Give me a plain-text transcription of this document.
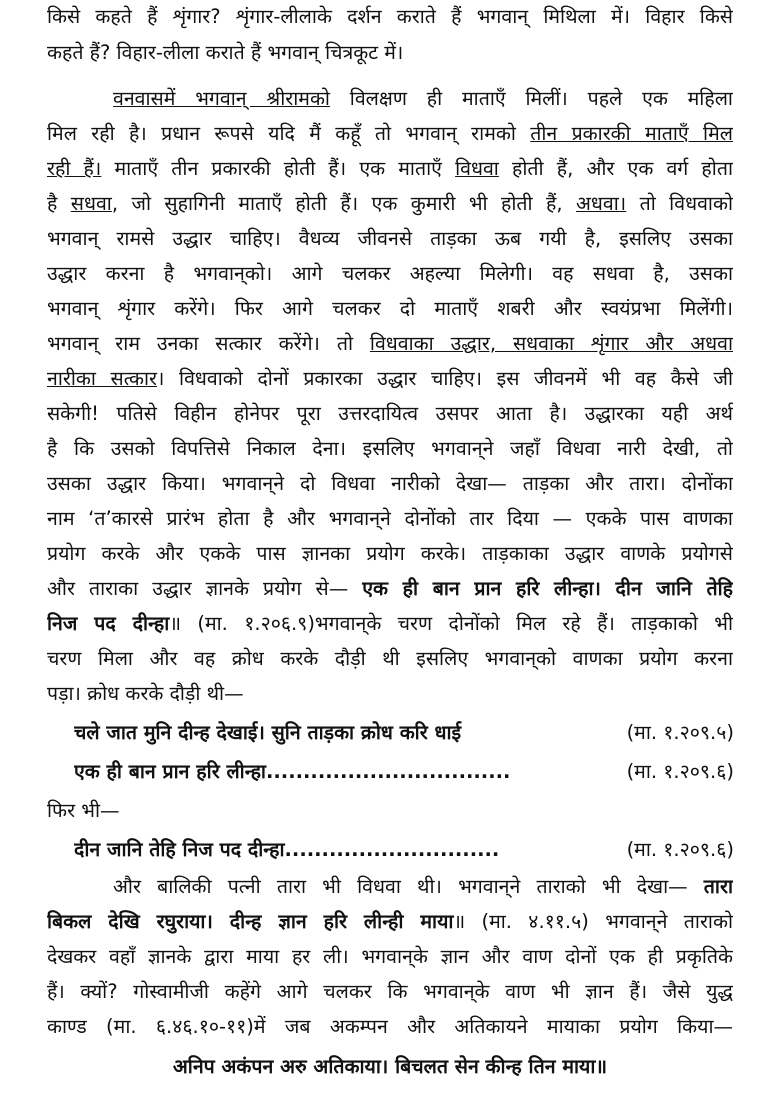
किसे कहते हैं शृंगार? शृंगार-लीलाके दर्शन कराते हैं भगवान् मिथिला में। विहार किसे
कहते हैं? विहार-लीला कराते हैं भगवान् चित्रकूट में।
वनवासमें भगवान् श्रीरामको विलक्षण ही माताएँ मिलीं। पहले एक महिला
मिल रही है। प्रधान रूपसे यदि मैं कहूँ तो भगवान् रामको तीन प्रकारकी माताएँ मिल
रही हैं। माताएँ तीन प्रकारकी होती हैं। एक माताएँ विधवा होती हैं, और एक वर्ग होता
है सधवा, जो सुहागिनी माताएँ होती हैं। एक कुमारी भी होती हैं, अधवा। तो विधवाको
भगवान् रामसे उद्धार चाहिए। वैधव्य जीवनसे ताड़का ऊब गयी है, इसलिए उसका
उद्धार करना है भगवान्‌को। आगे चलकर अहल्या मिलेगी। वह सधवा है, उसका
भगवान् शृंगार करेंगे। फिर आगे चलकर दो माताएँ शबरी और स्वयंप्रभा मिलेंगी।
भगवान् राम उनका सत्कार करेंगे। तो विधवाका उद्धार, सधवाका शृंगार और अधवा
नारीका सत्कार। विधवाको दोनों प्रकारका उद्धार चाहिए। इस जीवनमें भी वह कैसे जी
सकेगी! पतिसे विहीन होनेपर पूरा उत्तरदायित्व उसपर आता है। उद्धारका यही अर्थ
है कि उसको विपत्तिसे निकाल देना। इसलिए भगवान्‌ने जहाँ विधवा नारी देखी, तो
उसका उद्धार किया। भगवान्‌ने दो विधवा नारीको देखा— ताड़का और तारा। दोनोंका
नाम ‘त’कारसे प्रारंभ होता है और भगवान्‌ने दोनोंको तार दिया — एकके पास वाणका
प्रयोग करके और एकके पास ज्ञानका प्रयोग करके। ताड़काका उद्धार वाणके प्रयोगसे
और ताराका उद्धार ज्ञानके प्रयोग से— एक ही बान प्रान हरि लीन्हा। दीन जानि तेहि
निज पद दीन्हा॥ (मा. १.२०६.९)भगवान्‌के चरण दोनोंको मिल रहे हैं। ताड़काको भी
चरण मिला और वह क्रोध करके दौड़ी थी इसलिए भगवान्‌को वाणका प्रयोग करना
पड़ा। क्रोध करके दौड़ी थी—
चले जात मुनि दीन्ह देखाई। सुनि ताड़का क्रोध करि धाई	(मा. १.२०९.५)
एक ही बान प्रान हरि लीन्हा.................................	(मा. १.२०९.६)
फिर भी—
दीन जानि तेहि निज पद दीन्हा.............................	(मा. १.२०९.६)
और बालिकी पत्नी तारा भी विधवा थी। भगवान्‌ने ताराको भी देखा— तारा
बिकल देखि रघुराया। दीन्ह ज्ञान हरि लीन्ही माया॥ (मा. ४.११.५) भगवान्‌ने ताराको
देखकर वहाँ ज्ञानके द्वारा माया हर ली। भगवान्‌के ज्ञान और वाण दोनों एक ही प्रकृतिके
हैं। क्यों? गोस्वामीजी कहेंगे आगे चलकर कि भगवान्‌के वाण भी ज्ञान हैं। जैसे युद्ध
काण्ड (मा. ६.४६.१०-११)में जब अकम्पन और अतिकायने मायाका प्रयोग किया—
अनिप अकंपन अरु अतिकाया। बिचलत सेन कीन्ह तिन माया॥
